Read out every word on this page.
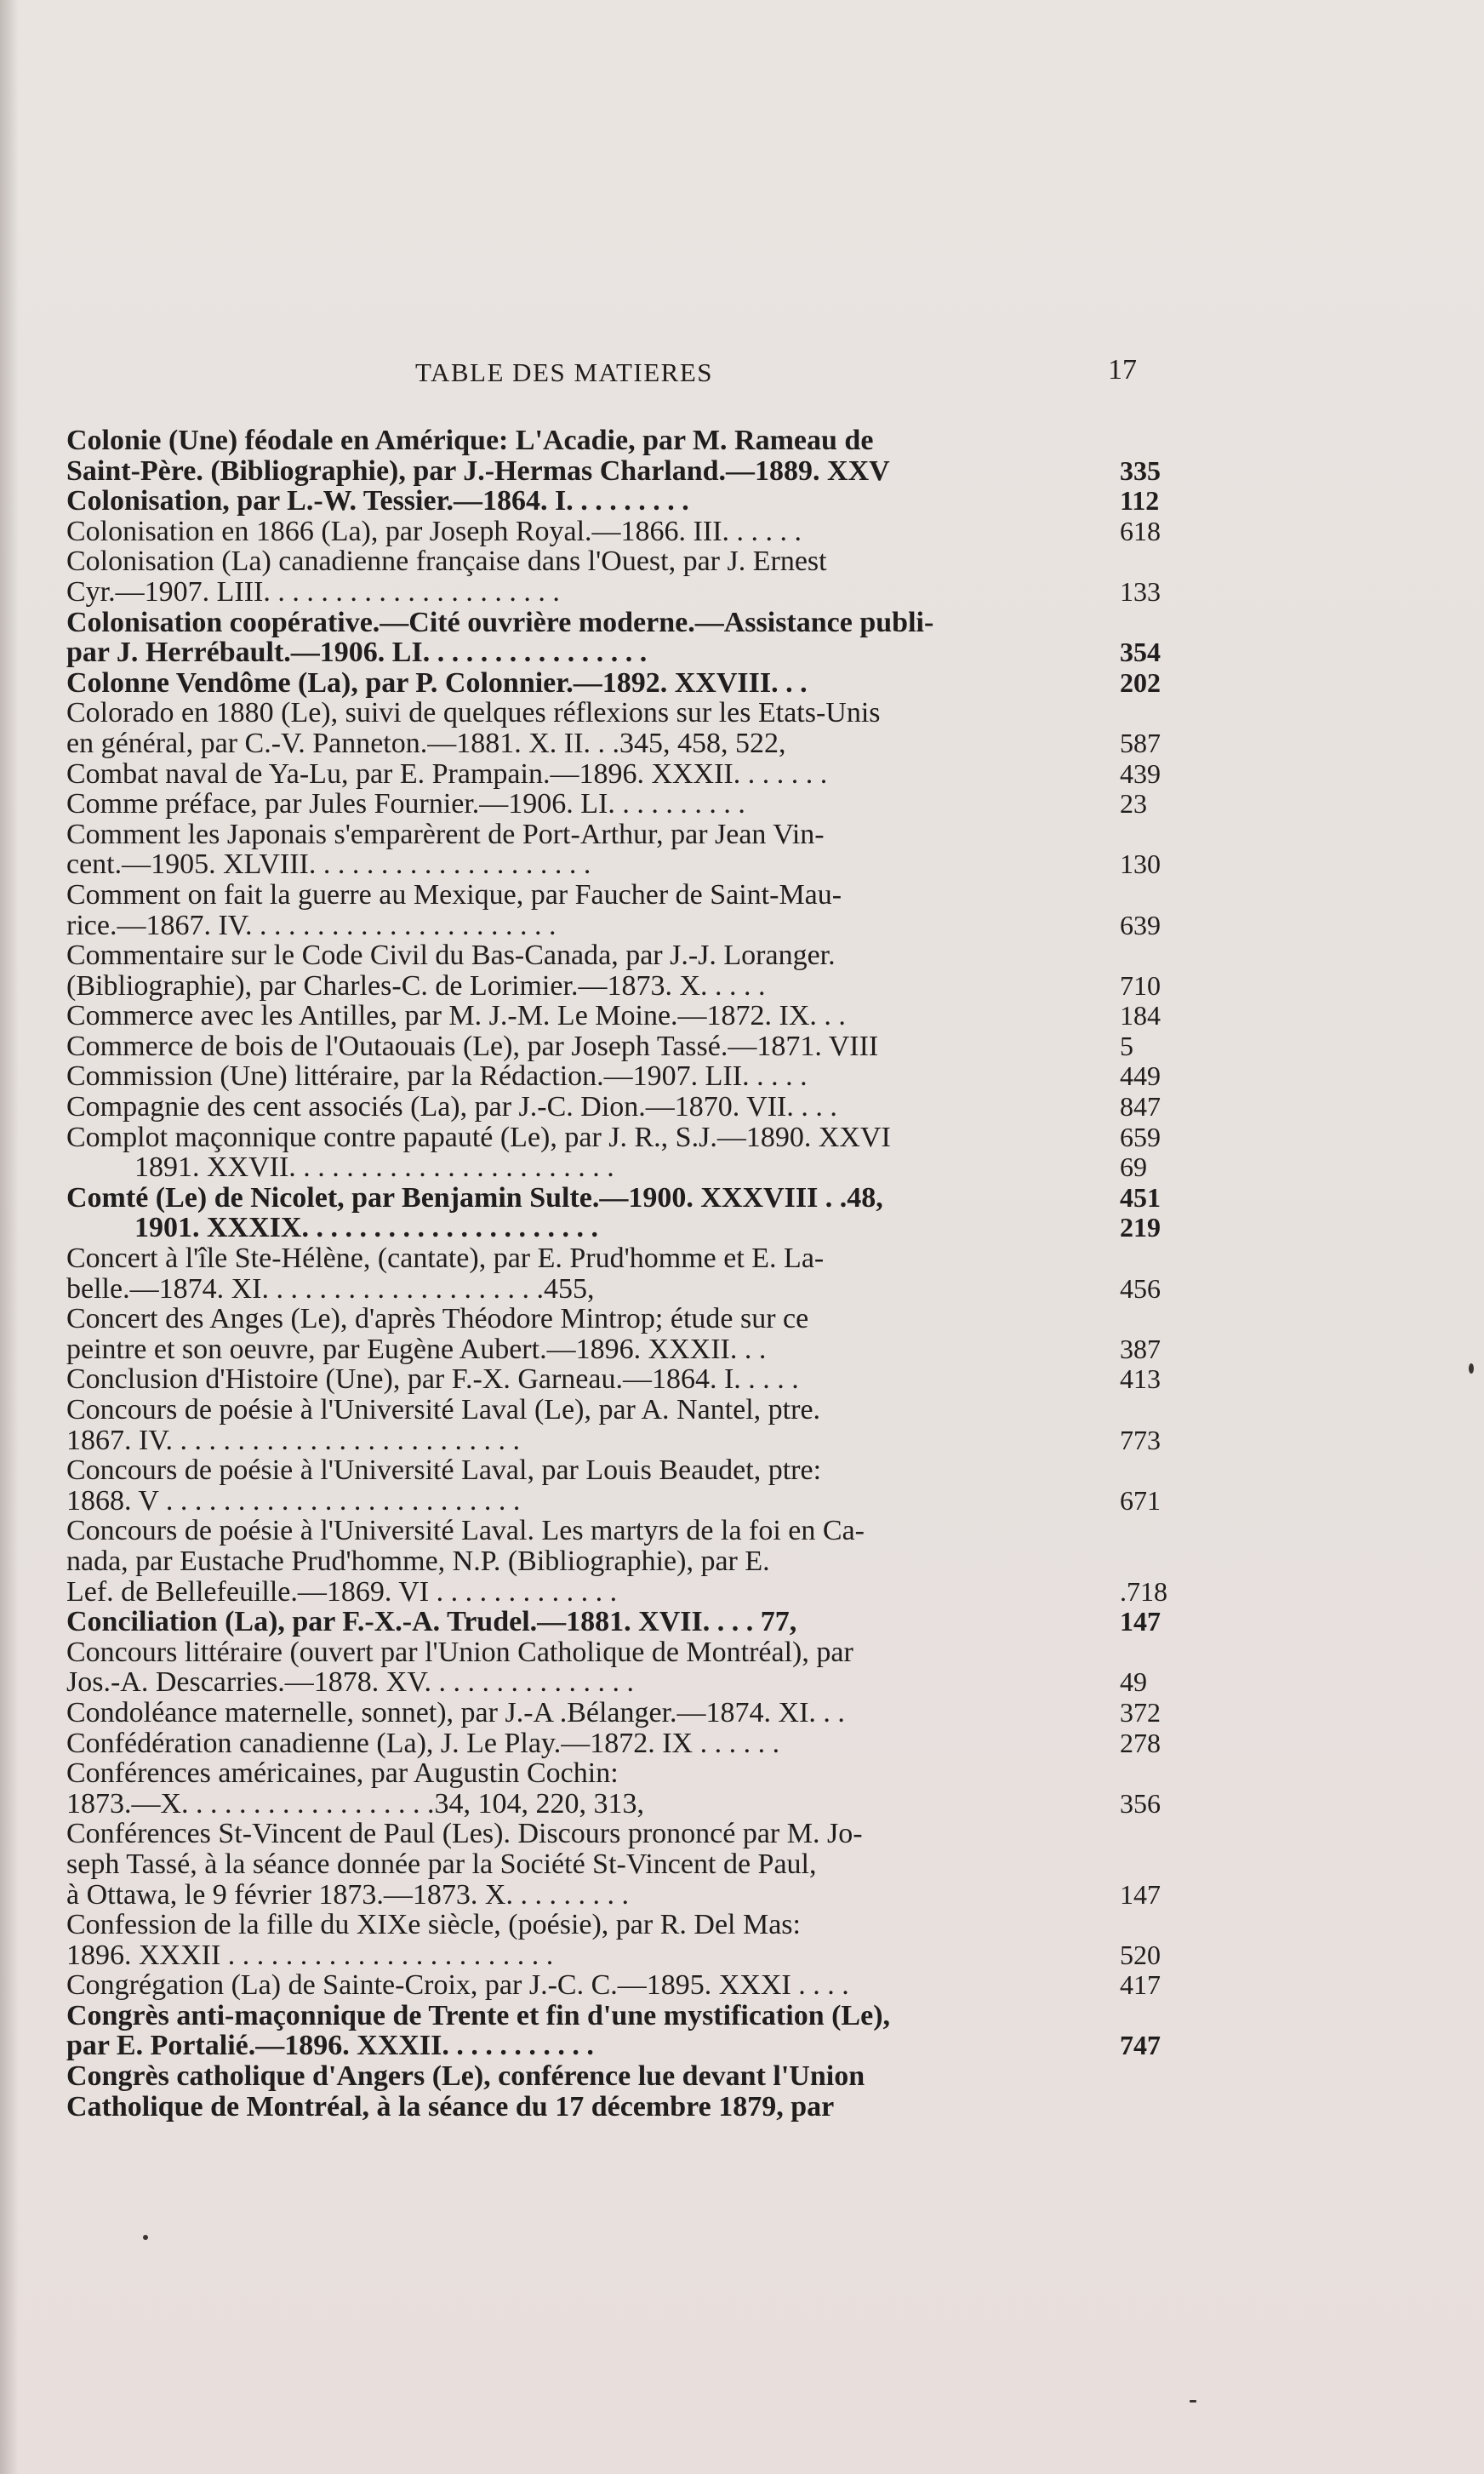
TABLE DES MATIERES	17
Colonie (Une) féodale en Amérique: L'Acadie, par M. Rameau de
Saint-Père. (Bibliographie), par J.-Hermas Charland.—1889. XXV	335
Colonisation, par L.-W. Tessier.—1864. I. . . . . . . . .	112
Colonisation en 1866 (La), par Joseph Royal.—1866. III. . . . . .	618
Colonisation (La) canadienne française dans l'Ouest, par J. Ernest
Cyr.—1907. LIII. . . . . . . . . . . . . . . . . . . . .	133
Colonisation coopérative.—Cité ouvrière moderne.—Assistance publi-
par J. Herrébault.—1906. LI. . . . . . . . . . . . . . . .	354
Colonne Vendôme (La), par P. Colonnier.—1892. XXVIII. . .	202
Colorado en 1880 (Le), suivi de quelques réflexions sur les Etats-Unis
en général, par C.-V. Panneton.—1881. X. II. . .345, 458, 522,	587
Combat naval de Ya-Lu, par E. Prampain.—1896. XXXII. . . . . . .	439
Comme préface, par Jules Fournier.—1906. LI. . . . . . . . . .	23
Comment les Japonais s'emparèrent de Port-Arthur, par Jean Vin-
cent.—1905. XLVIII. . . . . . . . . . . . . . . . . . . .	130
Comment on fait la guerre au Mexique, par Faucher de Saint-Mau-
rice.—1867. IV. . . . . . . . . . . . . . . . . . . . . .	639
Commentaire sur le Code Civil du Bas-Canada, par J.-J. Loranger.
(Bibliographie), par Charles-C. de Lorimier.—1873. X. . . . .	710
Commerce avec les Antilles, par M. J.-M. Le Moine.—1872. IX. . .	184
Commerce de bois de l'Outaouais (Le), par Joseph Tassé.—1871. VIII	5
Commission (Une) littéraire, par la Rédaction.—1907. LII. . . . .	449
Compagnie des cent associés (La), par J.-C. Dion.—1870. VII. . . .	847
Complot maçonnique contre papauté (Le), par J. R., S.J.—1890. XXVI	659
1891. XXVII. . . . . . . . . . . . . . . . . . . . . . .	69
Comté (Le) de Nicolet, par Benjamin Sulte.—1900. XXXVIII . .48,	451
1901. XXXIX. . . . . . . . . . . . . . . . . . . . .	219
Concert à l'île Ste-Hélène, (cantate), par E. Prud'homme et E. La-
belle.—1874. XI. . . . . . . . . . . . . . . . . . . .455,	456
Concert des Anges (Le), d'après Théodore Mintrop; étude sur ce
peintre et son oeuvre, par Eugène Aubert.—1896. XXXII. . .	387
Conclusion d'Histoire (Une), par F.-X. Garneau.—1864. I. . . . .	413
Concours de poésie à l'Université Laval (Le), par A. Nantel, ptre.
1867. IV. . . . . . . . . . . . . . . . . . . . . . . . .	773
Concours de poésie à l'Université Laval, par Louis Beaudet, ptre:
1868. V . . . . . . . . . . . . . . . . . . . . . . . . .	671
Concours de poésie à l'Université Laval. Les martyrs de la foi en Ca-
nada, par Eustache Prud'homme, N.P. (Bibliographie), par E.
Lef. de Bellefeuille.—1869. VI . . . . . . . . . . . . .	.718
Conciliation (La), par F.-X.-A. Trudel.—1881. XVII. . . . 77,	147
Concours littéraire (ouvert par l'Union Catholique de Montréal), par
Jos.-A. Descarries.—1878. XV. . . . . . . . . . . . . . .	49
Condoléance maternelle, sonnet), par J.-A .Bélanger.—1874. XI. . .	372
Confédération canadienne (La), J. Le Play.—1872. IX . . . . . .	278
Conférences américaines, par Augustin Cochin:
1873.—X. . . . . . . . . . . . . . . . . .34, 104, 220, 313,	356
Conférences St-Vincent de Paul (Les). Discours prononcé par M. Jo-
seph Tassé, à la séance donnée par la Société St-Vincent de Paul,
à Ottawa, le 9 février 1873.—1873. X. . . . . . . . .	147
Confession de la fille du XIXe siècle, (poésie), par R. Del Mas:
1896. XXXII . . . . . . . . . . . . . . . . . . . . . . .	520
Congrégation (La) de Sainte-Croix, par J.-C. C.—1895. XXXI . . . .	417
Congrès anti-maçonnique de Trente et fin d'une mystification (Le),
par E. Portalié.—1896. XXXII. . . . . . . . . . .	747
Congrès catholique d'Angers (Le), conférence lue devant l'Union
Catholique de Montréal, à la séance du 17 décembre 1879, par
